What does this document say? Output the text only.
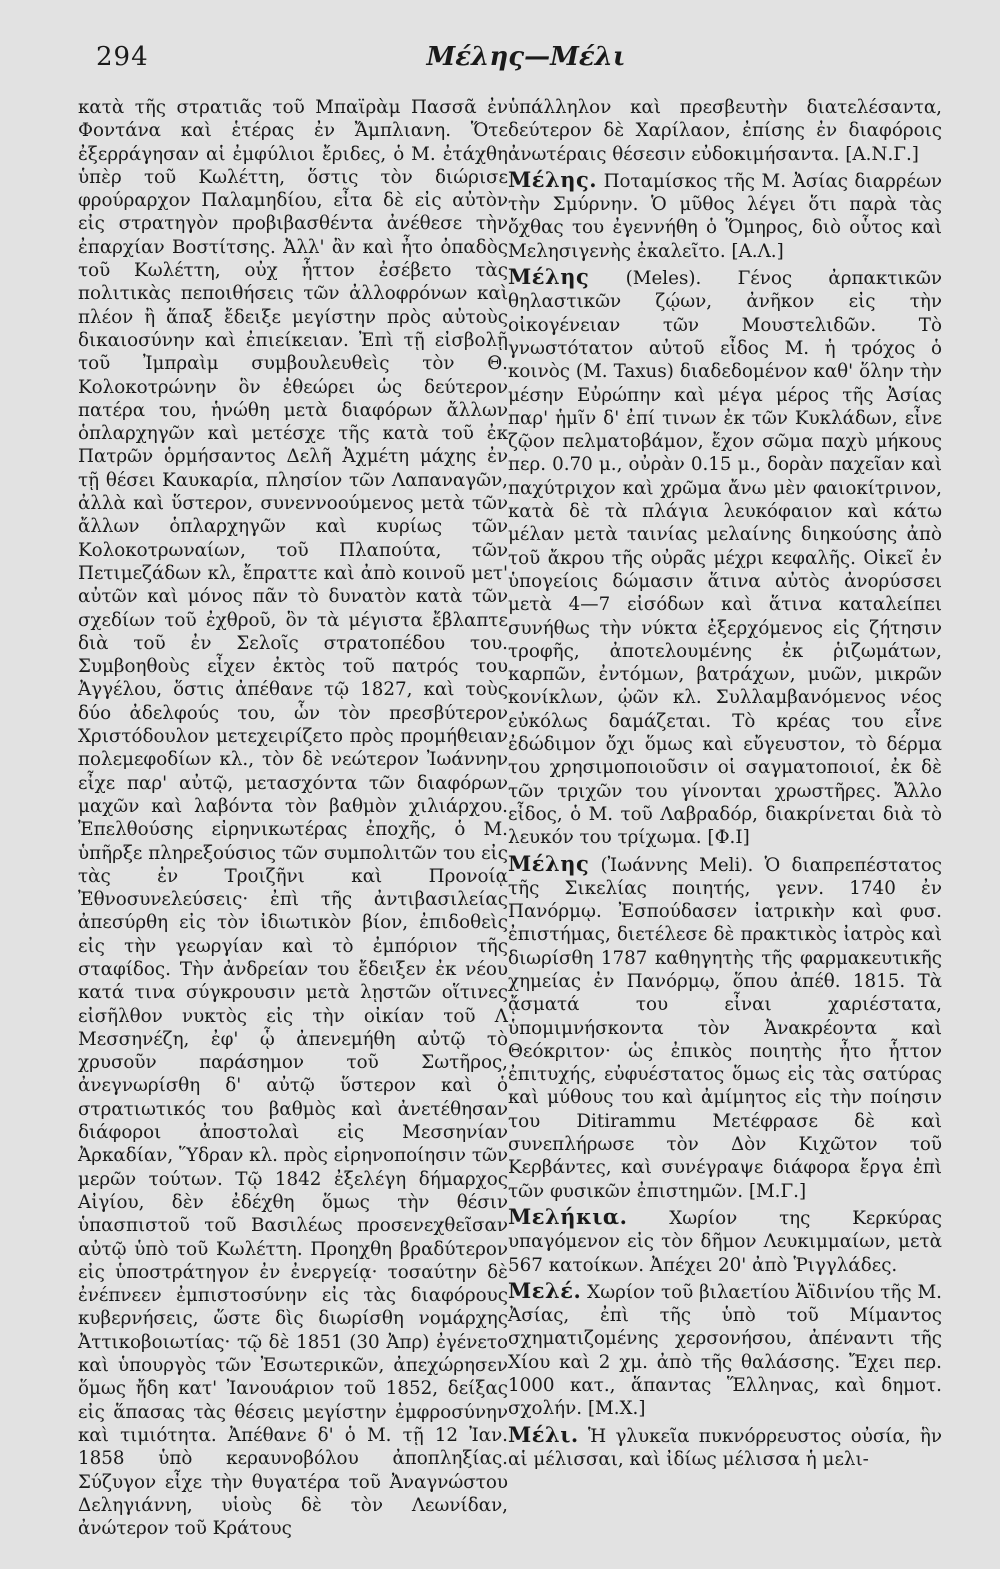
294	Μέλης—Μέλι

κατὰ τῆς στρατιᾶς τοῦ Μπαϊρὰμ Πασσᾶ ἐν Φοντάνα καὶ ἑτέρας ἐν Ἄμπλιανη. Ὅτε ἐξερράγησαν αἱ ἐμφύλιοι ἔριδες, ὁ Μ. ἐτάχθη ὑπὲρ τοῦ Κωλέττη, ὅστις τὸν διώρισε φρούραρχον Παλαμηδίου, εἶτα δὲ εἰς αὐτὸν εἰς στρατηγὸν προβιβασθέντα ἀνέθεσε τὴν ἐπαρχίαν Βοστίτσης. Ἀλλ' ἂν καὶ ἦτο ὀπαδὸς τοῦ Κωλέττη, οὐχ ἧττον ἐσέβετο τὰς πολιτικὰς πεποιθήσεις τῶν ἀλλοφρόνων καὶ πλέον ἢ ἅπαξ ἔδειξε μεγίστην πρὸς αὐτοὺς δικαιοσύνην καὶ ἐπιείκειαν. Ἐπὶ τῇ εἰσβολῇ τοῦ Ἰμπραὶμ συμβουλευθεὶς τὸν Θ. Κολοκοτρώνην ὃν ἐθεώρει ὡς δεύτερον πατέρα του, ἡνώθη μετὰ διαφόρων ἄλλων ὁπλαρχηγῶν καὶ μετέσχε τῆς κατὰ τοῦ ἐκ Πατρῶν ὁρμήσαντος Δελῆ Ἀχμέτη μάχης ἐν τῇ θέσει Καυκαρία, πλησίον τῶν Λαπαναγῶν, ἀλλὰ καὶ ὕστερον, συνεννοούμενος μετὰ τῶν ἄλλων ὁπλαρχηγῶν καὶ κυρίως τῶν Κολοκοτρωναίων, τοῦ Πλαπούτα, τῶν Πετιμεζάδων κλ, ἔπραττε καὶ ἀπὸ κοινοῦ μετ' αὐτῶν καὶ μόνος πᾶν τὸ δυνατὸν κατὰ τῶν σχεδίων τοῦ ἐχθροῦ, ὃν τὰ μέγιστα ἔβλαπτε διὰ τοῦ ἐν Σελοῖς στρατοπέδου του. Συμβοηθοὺς εἶχεν ἐκτὸς τοῦ πατρός του Ἀγγέλου, ὅστις ἀπέθανε τῷ 1827, καὶ τοὺς δύο ἀδελφούς του, ὧν τὸν πρεσβύτερον Χριστόδουλον μετεχειρίζετο πρὸς προμήθειαν πολεμεφοδίων κλ., τὸν δὲ νεώτερον Ἰωάννην εἶχε παρ' αὐτῷ, μετασχόντα τῶν διαφόρων μαχῶν καὶ λαβόντα τὸν βαθμὸν χιλιάρχου. Ἐπελθούσης εἰρηνικωτέρας ἐποχῆς, ὁ Μ. ὑπῆρξε πληρεξούσιος τῶν συμπολιτῶν του εἰς τὰς ἐν Τροιζῆνι καὶ Προνοίᾳ Ἐθνοσυνελεύσεις· ἐπὶ τῆς ἀντιβασιλείας ἀπεσύρθη εἰς τὸν ἰδιωτικὸν βίον, ἐπιδοθεὶς εἰς τὴν γεωργίαν καὶ τὸ ἐμπόριον τῆς σταφίδος. Τὴν ἀνδρείαν του ἔδειξεν ἐκ νέου κατά τινα σύγκρουσιν μετὰ λῃστῶν οἵτινες εἰσῆλθον νυκτὸς εἰς τὴν οἰκίαν τοῦ Λ Μεσσηνέζη, ἐφ' ᾧ ἀπενεμήθη αὐτῷ τὸ χρυσοῦν παράσημον τοῦ Σωτῆρος, ἀνεγνωρίσθη δ' αὐτῷ ὕστερον καὶ ὁ στρατιωτικός του βαθμὸς καὶ ἀνετέθησαν διάφοροι ἀποστολαὶ εἰς Μεσσηνίαν Ἀρκαδίαν, Ὕδραν κλ. πρὸς εἰρηνοποίησιν τῶν μερῶν τούτων. Τῷ 1842 ἐξελέγη δήμαρχος Αἰγίου, δὲν ἐδέχθη ὅμως τὴν θέσιν ὑπασπιστοῦ τοῦ Βασιλέως προσενεχθεῖσαν αὐτῷ ὑπὸ τοῦ Κωλέττη. Προηχθη βραδύτερον εἰς ὑποστράτηγον ἐν ἐνεργείᾳ· τοσαύτην δὲ ἐνέπνεεν ἐμπιστοσύνην εἰς τὰς διαφόρους κυβερνήσεις, ὥστε δὶς διωρίσθη νομάρχης Ἀττικοβοιωτίας· τῷ δὲ 1851 (30 Ἀπρ) ἐγένετο καὶ ὑπουργὸς τῶν Ἐσωτερικῶν, ἀπεχώρησεν ὅμως ἤδη κατ' Ἰανουάριον τοῦ 1852, δείξας εἰς ἅπασας τὰς θέσεις μεγίστην ἐμφροσύνην καὶ τιμιότητα. Ἀπέθανε δ' ὁ Μ. τῇ 12 Ἰαν. 1858 ὑπὸ κεραυνοβόλου ἀποπληξίας. Σύζυγον εἶχε τὴν θυγατέρα τοῦ Ἀναγνώστου Δεληγιάννη, υἱοὺς δὲ τὸν Λεωνίδαν, ἀνώτερον τοῦ Κράτους

ὑπάλληλον καὶ πρεσβευτὴν διατελέσαντα, δεύτερον δὲ Χαρίλαον, ἐπίσης ἐν διαφόροις ἀνωτέραις θέσεσιν εὐδοκιμήσαντα. [Α.Ν.Γ.]

Μέλης. Ποταμίσκος τῆς Μ. Ἀσίας διαρρέων τὴν Σμύρνην. Ὁ μῦθος λέγει ὅτι παρὰ τὰς ὄχθας του ἐγεννήθη ὁ Ὅμηρος, διὸ οὗτος καὶ Μελησιγενὴς ἐκαλεῖτο. [Α.Λ.]

Μέλης (Meles). Γένος ἀρπακτικῶν θηλαστικῶν ζῴων, ἀνῆκον εἰς τὴν οἰκογένειαν τῶν Μουστελιδῶν. Τὸ γνωστότατον αὐτοῦ εἶδος Μ. ἡ τρόχος ὁ κοινὸς (Μ. Taxus) διαδεδομένον καθ' ὅλην τὴν μέσην Εὐρώπην καὶ μέγα μέρος τῆς Ἀσίας παρ' ἡμῖν δ' ἐπί τινων ἐκ τῶν Κυκλάδων, εἶνε ζῷον πελματοβάμον, ἔχον σῶμα παχὺ μήκους περ. 0.70 μ., οὐρὰν 0.15 μ., δορὰν παχεῖαν καὶ παχύτριχον καὶ χρῶμα ἄνω μὲν φαιοκίτρινον, κατὰ δὲ τὰ πλάγια λευκόφαιον καὶ κάτω μέλαν μετὰ ταινίας μελαίνης διηκούσης ἀπὸ τοῦ ἄκρου τῆς οὐρᾶς μέχρι κεφαλῆς. Οἰκεῖ ἐν ὑπογείοις δώμασιν ἅτινα αὐτὸς ἀνορύσσει μετὰ 4—7 εἰσόδων καὶ ἅτινα καταλείπει συνήθως τὴν νύκτα ἐξερχόμενος εἰς ζήτησιν τροφῆς, ἀποτελουμένης ἐκ ῥιζωμάτων, καρπῶν, ἐντόμων, βατράχων, μυῶν, μικρῶν κονίκλων, ᾠῶν κλ. Συλλαμβανόμενος νέος εὐκόλως δαμάζεται. Τὸ κρέας του εἶνε ἐδώδιμον ὄχι ὅμως καὶ εὔγευστον, τὸ δέρμα του χρησιμοποιοῦσιν οἱ σαγματοποιοί, ἐκ δὲ τῶν τριχῶν του γίνονται χρωστῆρες. Ἄλλο εἶδος, ὁ Μ. τοῦ Λαβραδόρ, διακρίνεται διὰ τὸ λευκόν του τρίχωμα. [Φ.Ι]

Μέλης (Ἰωάννης Meli). Ὁ διαπρεπέστατος τῆς Σικελίας ποιητής, γενν. 1740 ἐν Πανόρμῳ. Ἐσπούδασεν ἰατρικὴν καὶ φυσ. ἐπιστήμας, διετέλεσε δὲ πρακτικὸς ἰατρὸς καὶ διωρίσθη 1787 καθηγητὴς τῆς φαρμακευτικῆς χημείας ἐν Πανόρμῳ, ὅπου ἀπέθ. 1815. Τὰ ᾄσματά του εἶναι χαριέστατα, ὑπομιμνήσκοντα τὸν Ἀνακρέοντα καὶ Θεόκριτον· ὡς ἐπικὸς ποιητὴς ἦτο ἧττον ἐπιτυχής, εὐφυέστατος ὅμως εἰς τὰς σατύρας καὶ μύθους του καὶ ἀμίμητος εἰς τὴν ποίησιν του Ditirammu Μετέφρασε δὲ καὶ συνεπλήρωσε τὸν Δὸν Κιχῶτον τοῦ Κερβάντες, καὶ συνέγραψε διάφορα ἔργα ἐπὶ τῶν φυσικῶν ἐπιστημῶν. [Μ.Γ.]

Μελήκια. Χωρίον της Κερκύρας υπαγόμενον εἰς τὸν δῆμον Λευκιμμαίων, μετὰ 567 κατοίκων. Ἀπέχει 20' ἀπὸ Ῥιγγλάδες.

Μελέ. Χωρίον τοῦ βιλαετίου Ἀϊδινίου τῆς Μ. Ἀσίας, ἐπὶ τῆς ὑπὸ τοῦ Μίμαντος σχηματιζομένης χερσονήσου, ἀπέναντι τῆς Χίου καὶ 2 χμ. ἀπὸ τῆς θαλάσσης. Ἔχει περ. 1000 κατ., ἅπαντας Ἕλληνας, καὶ δημοτ. σχολήν. [Μ.Χ.]

Μέλι. Ἡ γλυκεῖα πυκνόρρευστος οὐσία, ἣν αἱ μέλισσαι, καὶ ἰδίως μέλισσα ἡ μελι-
